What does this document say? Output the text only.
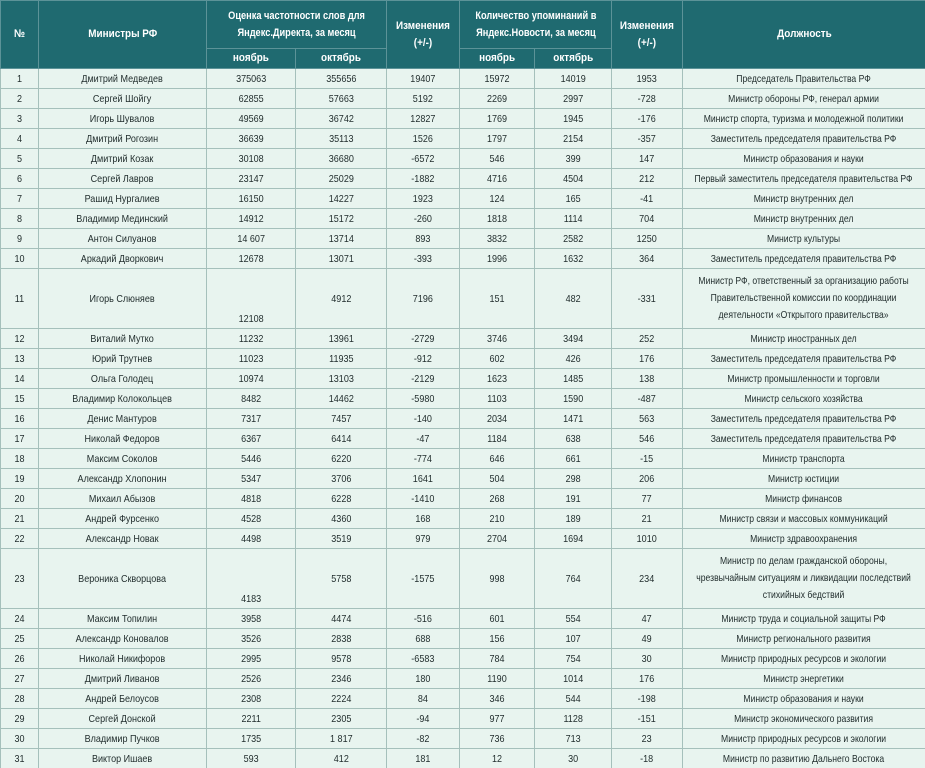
№	Министры РФ	Оценка частотности слов для Яндекс.Директа, за месяц		Изменения (+/-)	Количество упоминаний в Яндекс.Новости, за месяц		Изменения (+/-)	Должность

		ноябрь	октябрь		ноябрь	октябрь		

1	Дмитрий Медведев	375063	355656	19407	15972	14019	1953	Председатель Правительства РФ

2	Сергей Шойгу	62855	57663	5192	2269	2997	-728	Министр обороны РФ, генерал армии

3	Игорь Шувалов	49569	36742	12827	1769	1945	-176	Министр спорта, туризма и молодежной политики

4	Дмитрий Рогозин	36639	35113	1526	1797	2154	-357	Заместитель председателя правительства РФ

5	Дмитрий Козак	30108	36680	-6572	546	399	147	Министр образования и науки

6	Сергей Лавров	23147	25029	-1882	4716	4504	212	Первый заместитель председателя правительства РФ

7	Рашид Нургалиев	16150	14227	1923	124	165	-41	Министр внутренних дел

8	Владимир Мединский	14912	15172	-260	1818	1114	704	Министр внутренних дел

9	Антон Силуанов	14 607	13714	893	3832	2582	1250	Министр культуры

10	Аркадий Дворкович	12678	13071	-393	1996	1632	364	Заместитель председателя правительства РФ

11	Игорь Слюняев	12108	4912	7196	151	482	-331	Министр РФ, ответственный за организацию работы Правительственной комиссии по координации деятельности «Открытого правительства»

12	Виталий Мутко	11232	13961	-2729	3746	3494	252	Министр иностранных дел

13	Юрий Трутнев	11023	11935	-912	602	426	176	Заместитель председателя правительства РФ

14	Ольга Голодец	10974	13103	-2129	1623	1485	138	Министр промышленности и торговли

15	Владимир Колокольцев	8482	14462	-5980	1103	1590	-487	Министр сельского хозяйства

16	Денис Мантуров	7317	7457	-140	2034	1471	563	Заместитель председателя правительства РФ

17	Николай Федоров	6367	6414	-47	1184	638	546	Заместитель председателя правительства РФ

18	Максим Соколов	5446	6220	-774	646	661	-15	Министр транспорта

19	Александр Хлопонин	5347	3706	1641	504	298	206	Министр юстиции

20	Михаил Абызов	4818	6228	-1410	268	191	77	Министр финансов

21	Андрей Фурсенко	4528	4360	168	210	189	21	Министр связи и массовых коммуникаций

22	Александр Новак	4498	3519	979	2704	1694	1010	Министр здравоохранения

23	Вероника Скворцова	4183	5758	-1575	998	764	234	Министр по делам гражданской обороны, чрезвычайным ситуациям и ликвидации последствий стихийных бедствий

24	Максим Топилин	3958	4474	-516	601	554	47	Министр труда и социальной защиты РФ

25	Александр Коновалов	3526	2838	688	156	107	49	Министр регионального развития

26	Николай Никифоров	2995	9578	-6583	784	754	30	Министр природных ресурсов и экологии

27	Дмитрий Ливанов	2526	2346	180	1190	1014	176	Министр энергетики

28	Андрей Белоусов	2308	2224	84	346	544	-198	Министр образования и науки

29	Сергей Донской	2211	2305	-94	977	1128	-151	Министр экономического развития

30	Владимир Пучков	1735	1 817	-82	736	713	23	Министр природных ресурсов и экологии

31	Виктор Ишаев	593	412	181	12	30	-18	Министр по развитию Дальнего Востока
